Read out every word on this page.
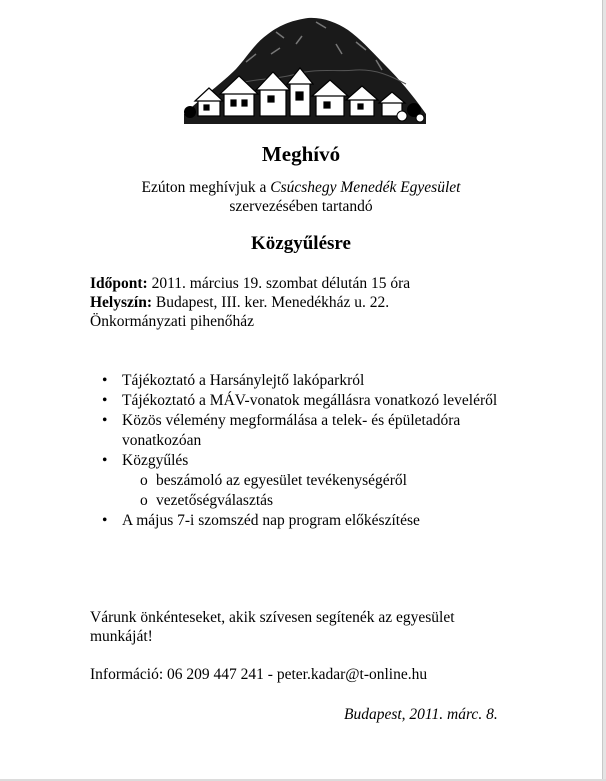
Meghívó
Ezúton meghívjuk a Csúcshegy Menedék Egyesület
szervezésében tartandó
Közgyűlésre
Időpont: 2011. március 19. szombat délután 15 óra
Helyszín: Budapest, III. ker. Menedékház u. 22.
Önkormányzati pihenőház
• Tájékoztató a Harsánylejtő lakóparkról
• Tájékoztató a MÁV-vonatok megállásra vonatkozó leveléről
• Közös vélemény megformálása a telek- és épületadóra vonatkozóan
• Közgyűlés
o beszámoló az egyesület tevékenységéről
o vezetőségválasztás
• A május 7-i szomszéd nap program előkészítése
Várunk önkénteseket, akik szívesen segítenék az egyesület munkáját!
Információ: 06 209 447 241 - peter.kadar@t-online.hu
Budapest, 2011. márc. 8.
